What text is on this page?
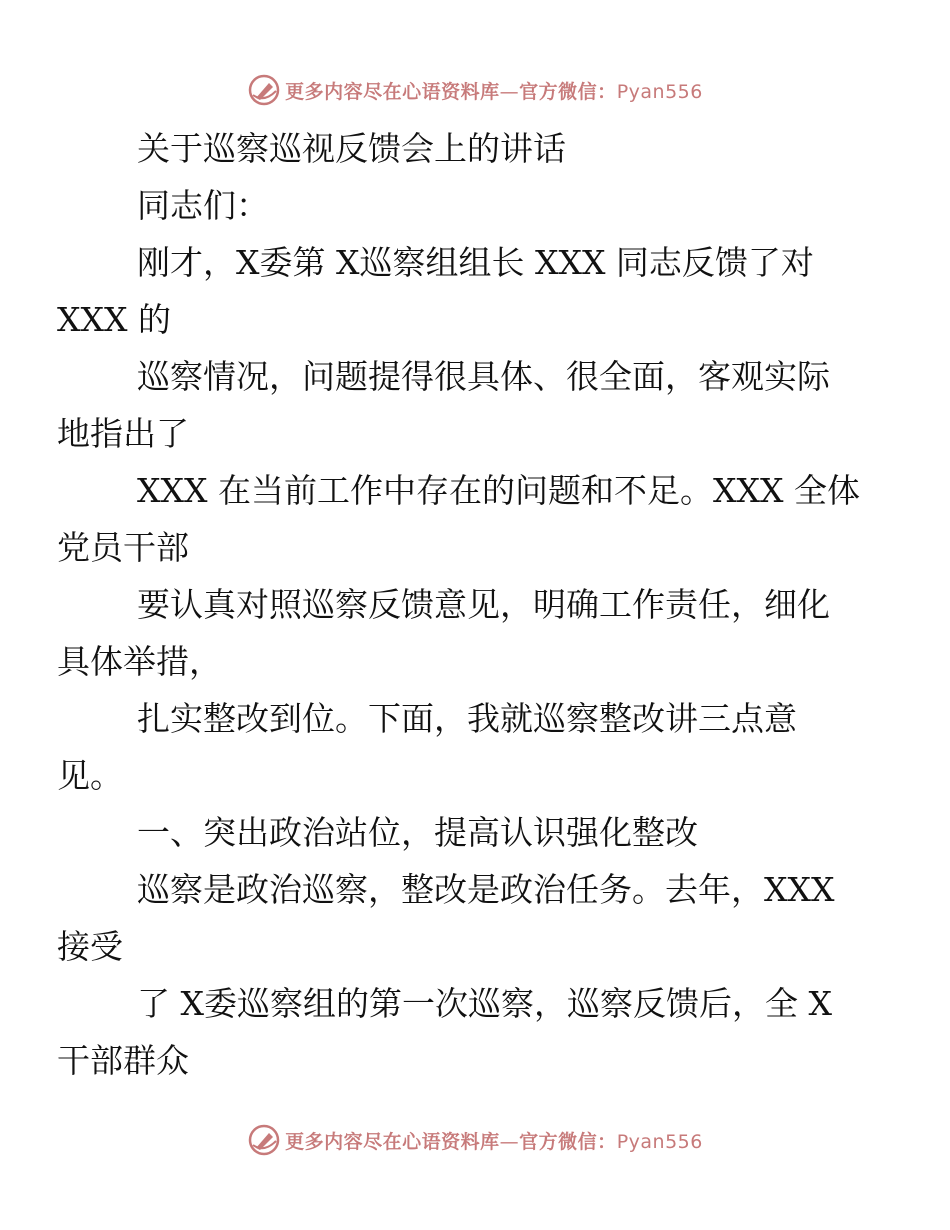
更多内容尽在心语资料库—官方微信：Pyan556

关于巡察巡视反馈会上的讲话

同志们：

刚才，X委第 X巡察组组长 XXX 同志反馈了对
XXX 的

巡察情况，问题提得很具体、很全面，客观实际
地指出了

XXX 在当前工作中存在的问题和不足。XXX 全体
党员干部

要认真对照巡察反馈意见，明确工作责任，细化
具体举措，

扎实整改到位。下面，我就巡察整改讲三点意
见。

一、突出政治站位，提高认识强化整改

巡察是政治巡察，整改是政治任务。去年，XXX
接受

了 X委巡察组的第一次巡察，巡察反馈后，全 X
干部群众

更多内容尽在心语资料库—官方微信：Pyan556
